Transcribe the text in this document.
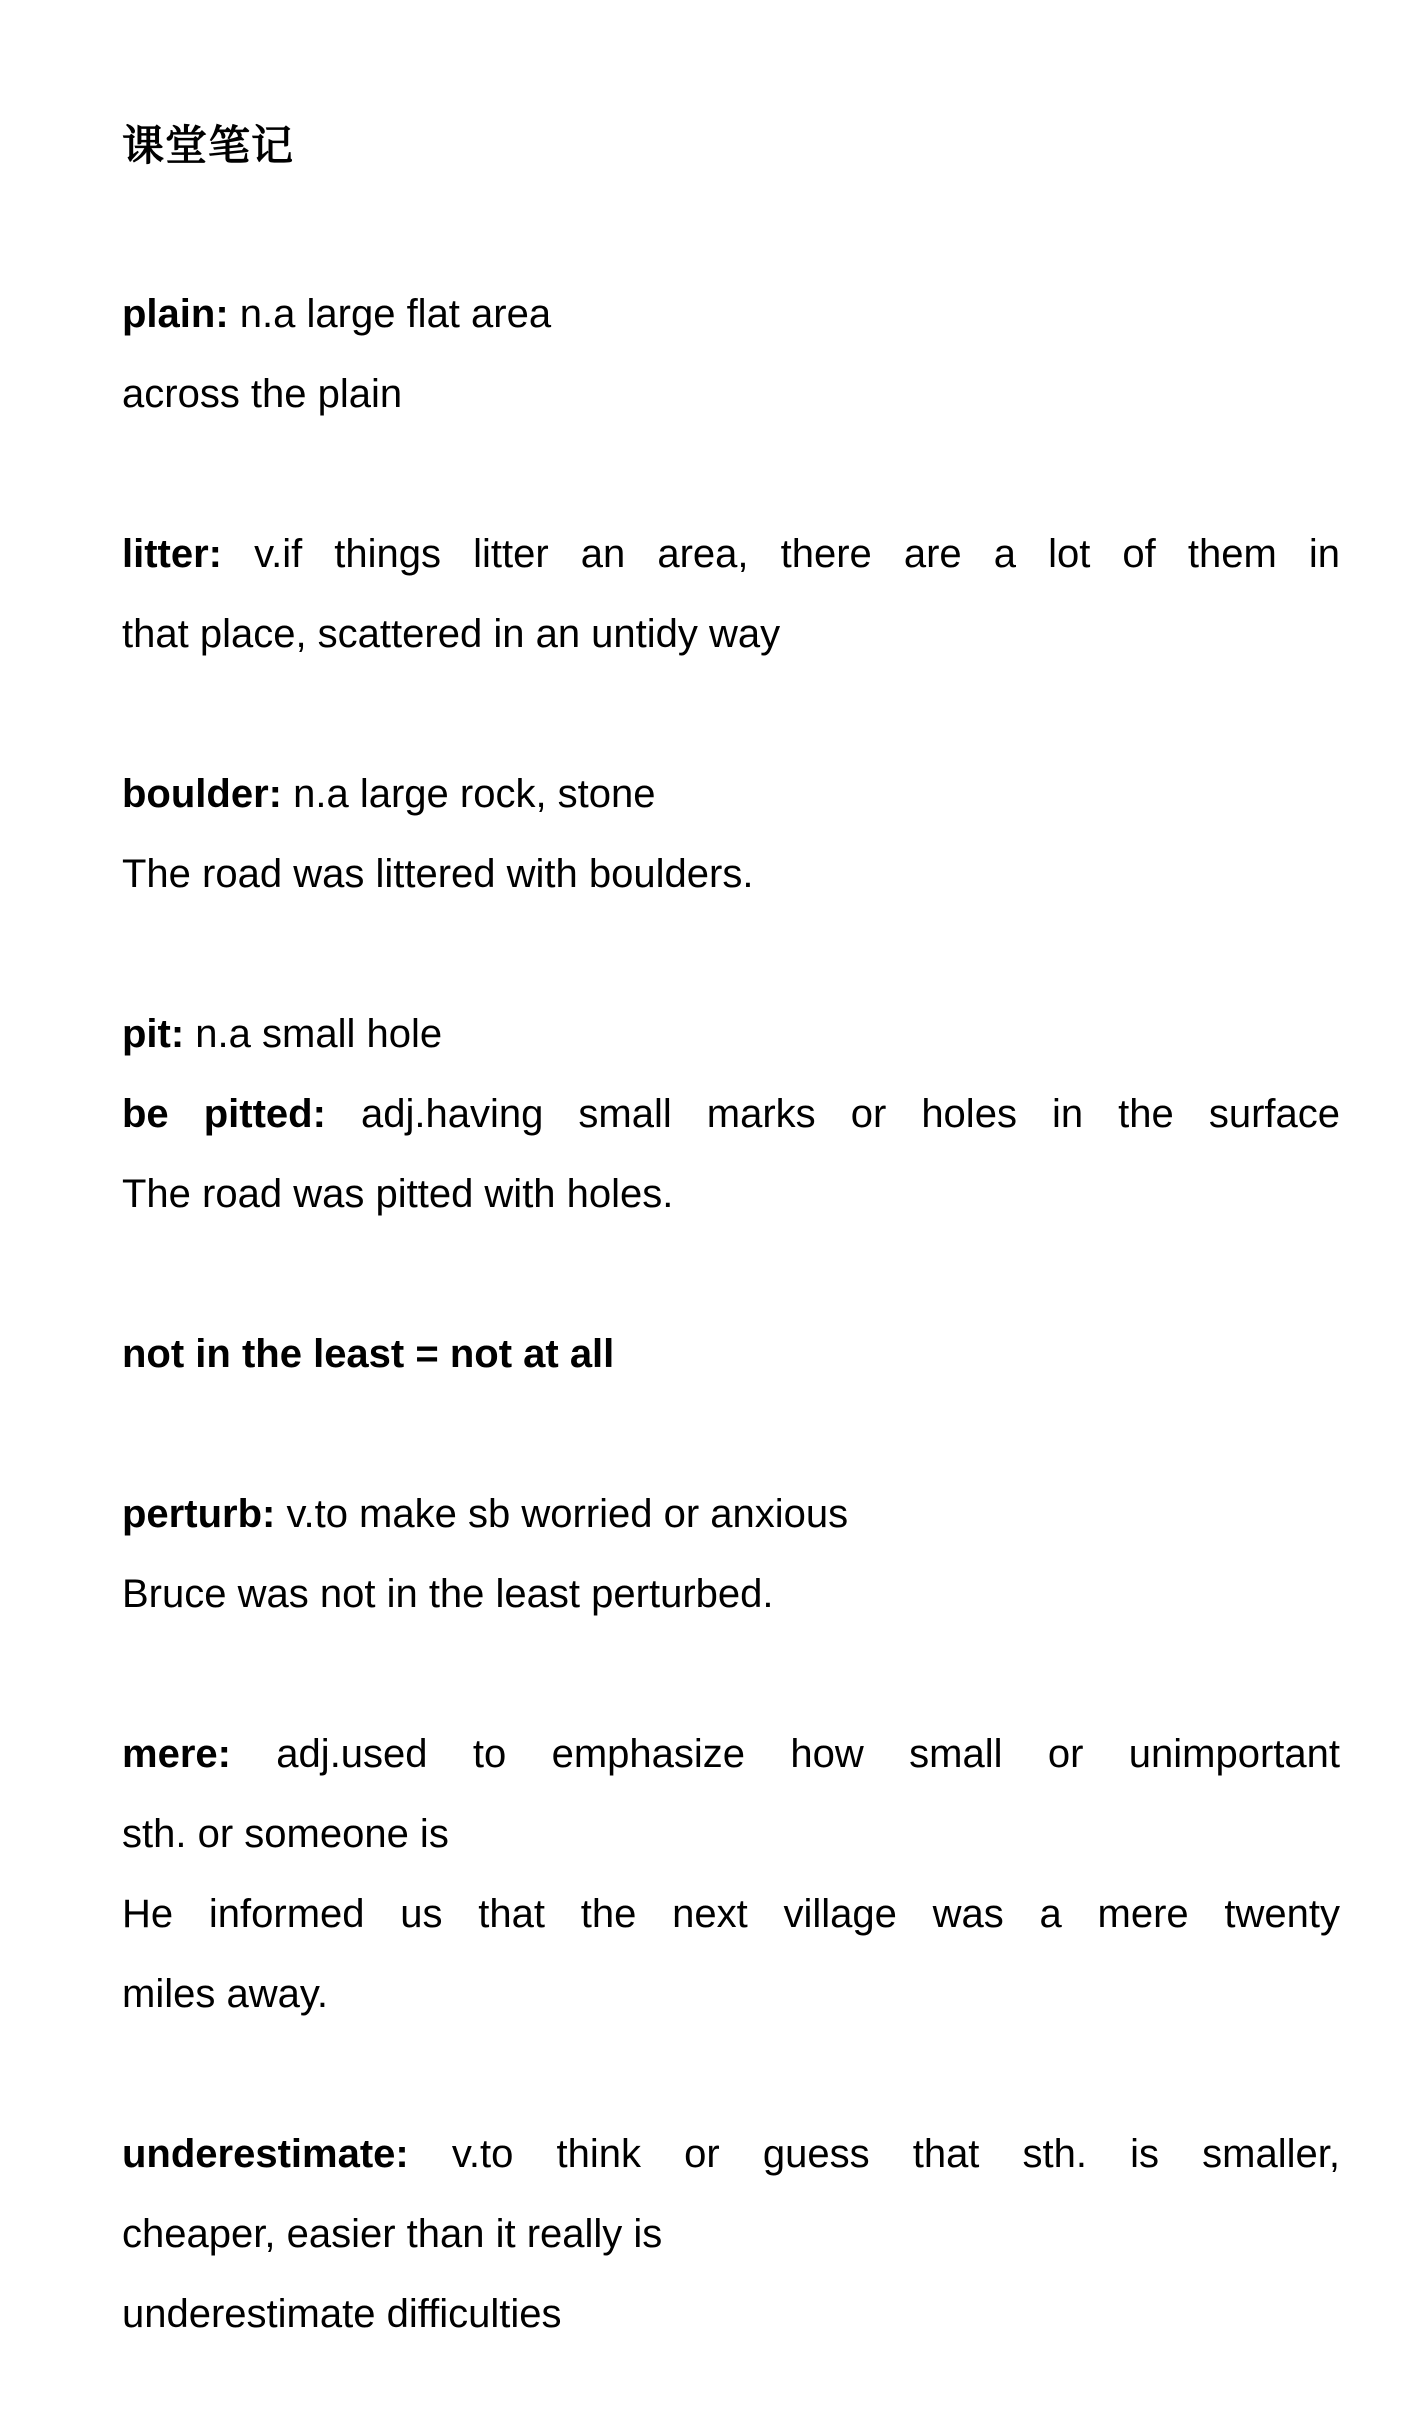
课堂笔记
plain: n.a large flat area
across the plain
litter: v.if things litter an area, there are a lot of them in
that place, scattered in an untidy way
boulder: n.a large rock, stone
The road was littered with boulders.
pit: n.a small hole
be pitted: adj.having small marks or holes in the surface
The road was pitted with holes.
not in the least = not at all
perturb: v.to make sb worried or anxious
Bruce was not in the least perturbed.
mere: adj.used to emphasize how small or unimportant
sth. or someone is
He informed us that the next village was a mere twenty
miles away.
underestimate: v.to think or guess that sth. is smaller,
cheaper, easier than it really is
underestimate difficulties
